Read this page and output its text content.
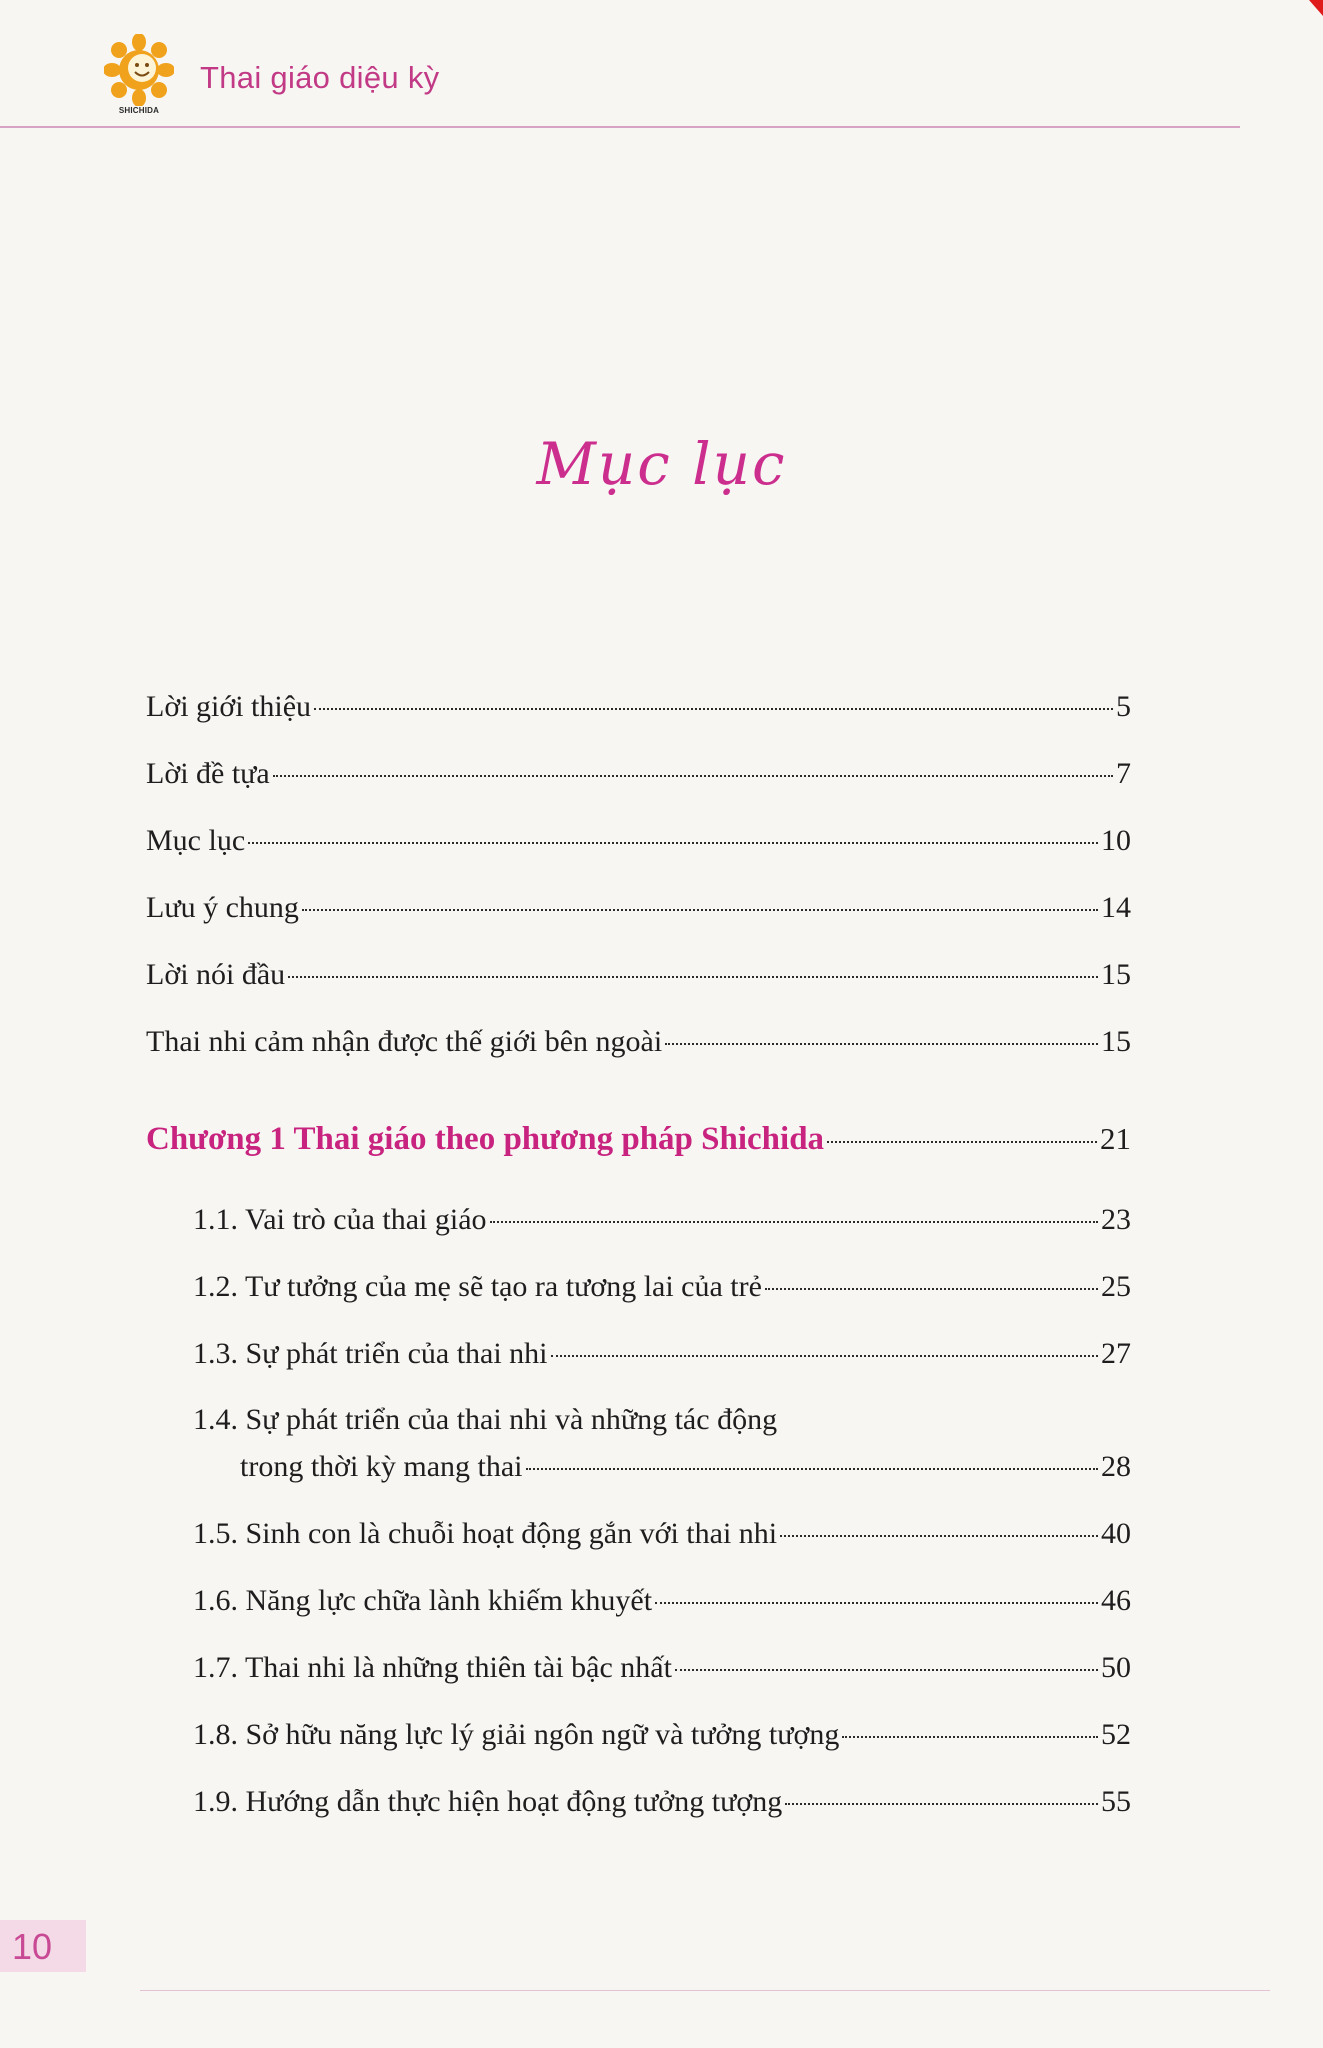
SHICHIDA
Thai giáo diệu kỳ
Mục lục
Lời giới thiệu	5
Lời đề tựa	7
Mục lục	10
Lưu ý chung	14
Lời nói đầu	15
Thai nhi cảm nhận được thế giới bên ngoài	15
Chương 1 Thai giáo theo phương pháp Shichida	21
1.1. Vai trò của thai giáo	23
1.2. Tư tưởng của mẹ sẽ tạo ra tương lai của trẻ	25
1.3. Sự phát triển của thai nhi	27
1.4. Sự phát triển của thai nhi và những tác động
trong thời kỳ mang thai	28
1.5. Sinh con là chuỗi hoạt động gắn với thai nhi	40
1.6. Năng lực chữa lành khiếm khuyết	46
1.7. Thai nhi là những thiên tài bậc nhất	50
1.8. Sở hữu năng lực lý giải ngôn ngữ và tưởng tượng	52
1.9. Hướng dẫn thực hiện hoạt động tưởng tượng	55
10
